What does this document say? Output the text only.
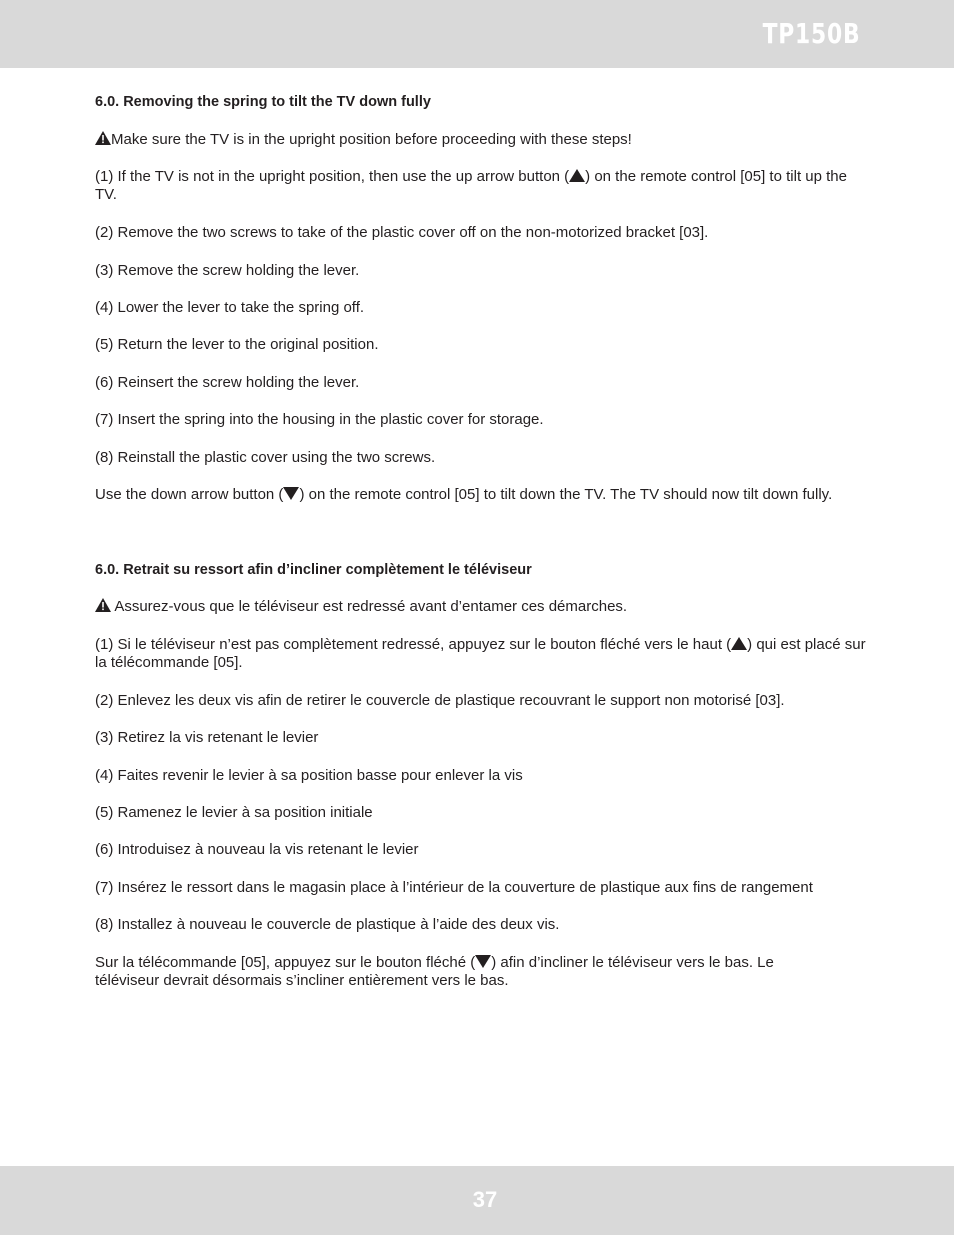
TP150B

6.0. Removing the spring to tilt the TV down fully

Make sure the TV is in the upright position before proceeding with these steps!

(1) If the TV is not in the upright position, then use the up arrow button ( ) on the remote control [05] to tilt up the TV.

(2) Remove the two screws to take of the plastic cover off on the non-motorized bracket [03].

(3) Remove the screw holding the lever.

(4) Lower the lever to take the spring off.

(5) Return the lever to the original position.

(6) Reinsert the screw holding the lever.

(7) Insert the spring into the housing in the plastic cover for storage.

(8) Reinstall the plastic cover using the two screws.

Use the down arrow button ( ) on the remote control [05] to tilt down the TV. The TV should now tilt down fully.

6.0. Retrait su ressort afin d’incliner complètement le téléviseur

Assurez-vous que le téléviseur est redressé avant d’entamer ces démarches.

(1) Si le téléviseur n’est pas complètement redressé, appuyez sur le bouton fléché vers le haut ( ) qui est placé sur la télécommande [05].

(2) Enlevez les deux vis afin de retirer le couvercle de plastique recouvrant le support non motorisé [03].

(3) Retirez la vis retenant le levier

(4) Faites revenir le levier à sa position basse pour enlever la vis

(5) Ramenez le levier à sa position initiale

(6) Introduisez à nouveau la vis retenant le levier

(7) Insérez le ressort dans le magasin place à l’intérieur de la couverture de plastique aux fins de rangement

(8) Installez à nouveau le couvercle de plastique à l’aide des deux vis.

Sur la télécommande [05], appuyez sur le bouton fléché ( ) afin d’incliner le téléviseur vers le bas. Le téléviseur devrait désormais s’incliner entièrement vers le bas.

37
